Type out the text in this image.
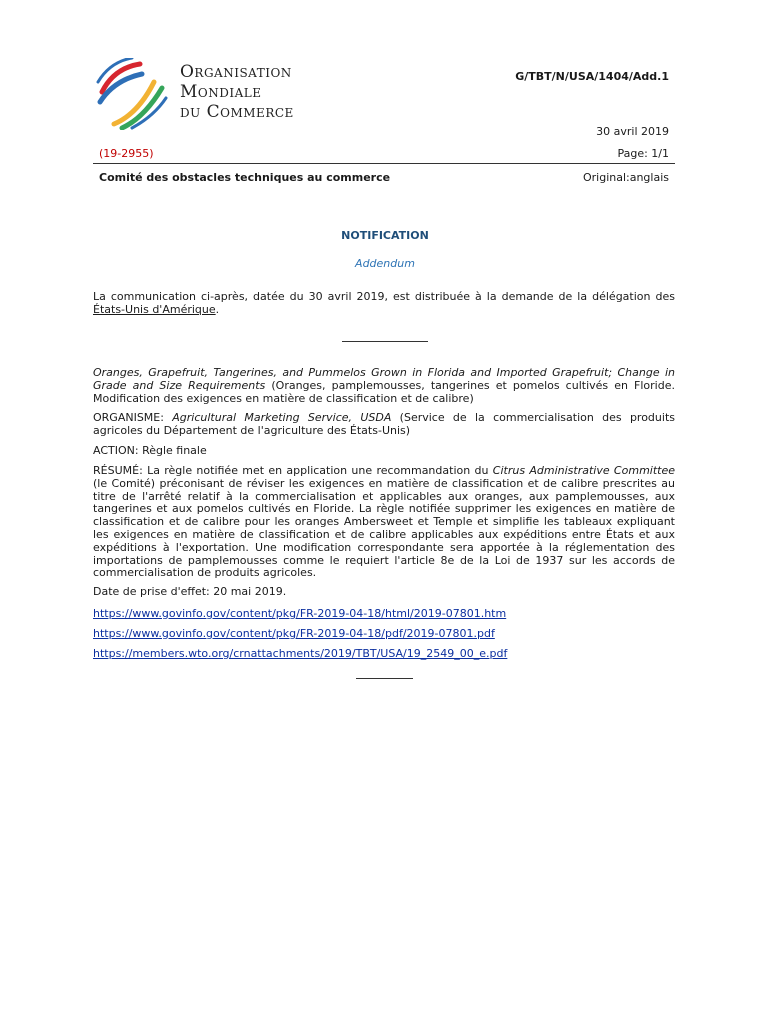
Organisation
Mondiale
du Commerce
G/TBT/N/USA/1404/Add.1
30 avril 2019
(19-2955)	Page: 1/1
Comité des obstacles techniques au commerce	Original:anglais
NOTIFICATION
Addendum
La communication ci-après, datée du 30 avril 2019, est distribuée à la demande de la délégation des États-Unis d'Amérique.
Oranges, Grapefruit, Tangerines, and Pummelos Grown in Florida and Imported Grapefruit; Change in Grade and Size Requirements (Oranges, pamplemousses, tangerines et pomelos cultivés en Floride. Modification des exigences en matière de classification et de calibre)
ORGANISME: Agricultural Marketing Service, USDA (Service de la commercialisation des produits agricoles du Département de l'agriculture des États-Unis)
ACTION: Règle finale
RÉSUMÉ: La règle notifiée met en application une recommandation du Citrus Administrative Committee (le Comité) préconisant de réviser les exigences en matière de classification et de calibre prescrites au titre de l'arrêté relatif à la commercialisation et applicables aux oranges, aux pamplemousses, aux tangerines et aux pomelos cultivés en Floride. La règle notifiée supprimer les exigences en matière de classification et de calibre pour les oranges Ambersweet et Temple et simplifie les tableaux expliquant les exigences en matière de classification et de calibre applicables aux expéditions entre États et aux expéditions à l'exportation. Une modification correspondante sera apportée à la réglementation des importations de pamplemousses comme le requiert l'article 8e de la Loi de 1937 sur les accords de commercialisation de produits agricoles.
Date de prise d'effet: 20 mai 2019.
https://www.govinfo.gov/content/pkg/FR-2019-04-18/html/2019-07801.htm
https://www.govinfo.gov/content/pkg/FR-2019-04-18/pdf/2019-07801.pdf
https://members.wto.org/crnattachments/2019/TBT/USA/19_2549_00_e.pdf
